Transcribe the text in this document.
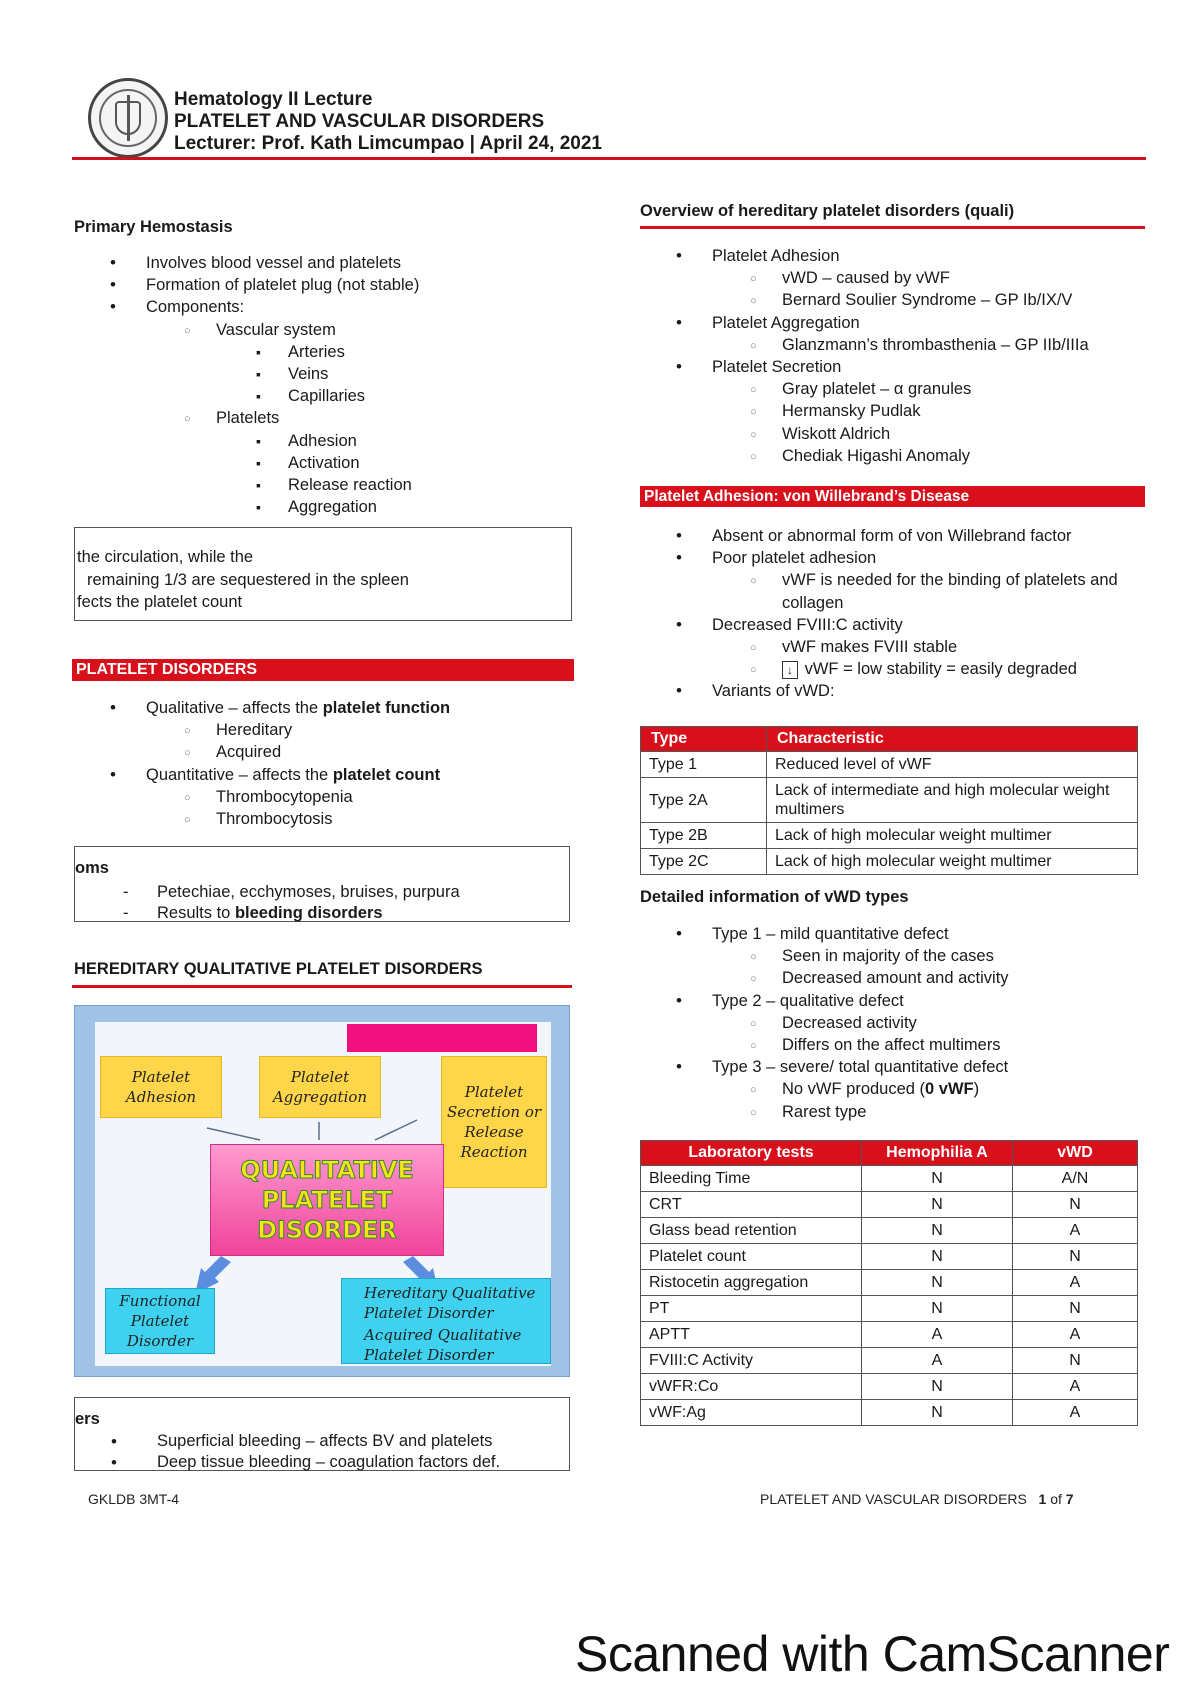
Hematology II Lecture
PLATELET AND VASCULAR DISORDERS
Lecturer: Prof. Kath Limcumpao | April 24, 2021
Primary Hemostasis
• Involves blood vessel and platelets
• Formation of platelet plug (not stable)
• Components:
○ Vascular system
▪ Arteries
▪ Veins
▪ Capillaries
○ Platelets
▪ Adhesion
▪ Activation
▪ Release reaction
▪ Aggregation
the circulation, while the
remaining 1/3 are sequestered in the spleen
fects the platelet count
PLATELET DISORDERS
• Qualitative – affects the platelet function
○ Hereditary
○ Acquired
• Quantitative – affects the platelet count
○ Thrombocytopenia
○ Thrombocytosis
oms
- Petechiae, ecchymoses, bruises, purpura
- Results to bleeding disorders
HEREDITARY QUALITATIVE PLATELET DISORDERS
Platelet Adhesion
Platelet Aggregation	Platelet Secretion or Release Reaction
QUALITATIVE PLATELET DISORDER
Functional Platelet Disorder
Hereditary Qualitative Platelet Disorder
Acquired Qualitative Platelet Disorder
ers
• Superficial bleeding – affects BV and platelets
• Deep tissue bleeding – coagulation factors def.
Overview of hereditary platelet disorders (quali)
• Platelet Adhesion
○ vWD – caused by vWF
○ Bernard Soulier Syndrome – GP Ib/IX/V
• Platelet Aggregation
○ Glanzmann’s thrombasthenia – GP IIb/IIIa
• Platelet Secretion
○ Gray platelet – α granules
○ Hermansky Pudlak
○ Wiskott Aldrich
○ Chediak Higashi Anomaly
Platelet Adhesion: von Willebrand’s Disease
• Absent or abnormal form of von Willebrand factor
• Poor platelet adhesion
○ vWF is needed for the binding of platelets and collagen
• Decreased FVIII:C activity
○ vWF makes FVIII stable
○ ↓ vWF = low stability = easily degraded
• Variants of vWD:
Type	Characteristic
Type 1	Reduced level of vWF
Type 2A	Lack of intermediate and high molecular weight multimers
Type 2B	Lack of high molecular weight multimer
Type 2C	Lack of high molecular weight multimer
Detailed information of vWD types
• Type 1 – mild quantitative defect
○ Seen in majority of the cases
○ Decreased amount and activity
• Type 2 – qualitative defect
○ Decreased activity
○ Differs on the affect multimers
• Type 3 – severe/ total quantitative defect
○ No vWF produced (0 vWF)
○ Rarest type
Laboratory tests	Hemophilia A	vWD
Bleeding Time	N	A/N
CRT	N	N
Glass bead retention	N	A
Platelet count	N	N
Ristocetin aggregation	N	A
PT	N	N
APTT	A	A
FVIII:C Activity	A	N
vWFR:Co	N	A
vWF:Ag	N	A
GKLDB 3MT-4	PLATELET AND VASCULAR DISORDERS 1 of 7
Scanned with CamScanner
